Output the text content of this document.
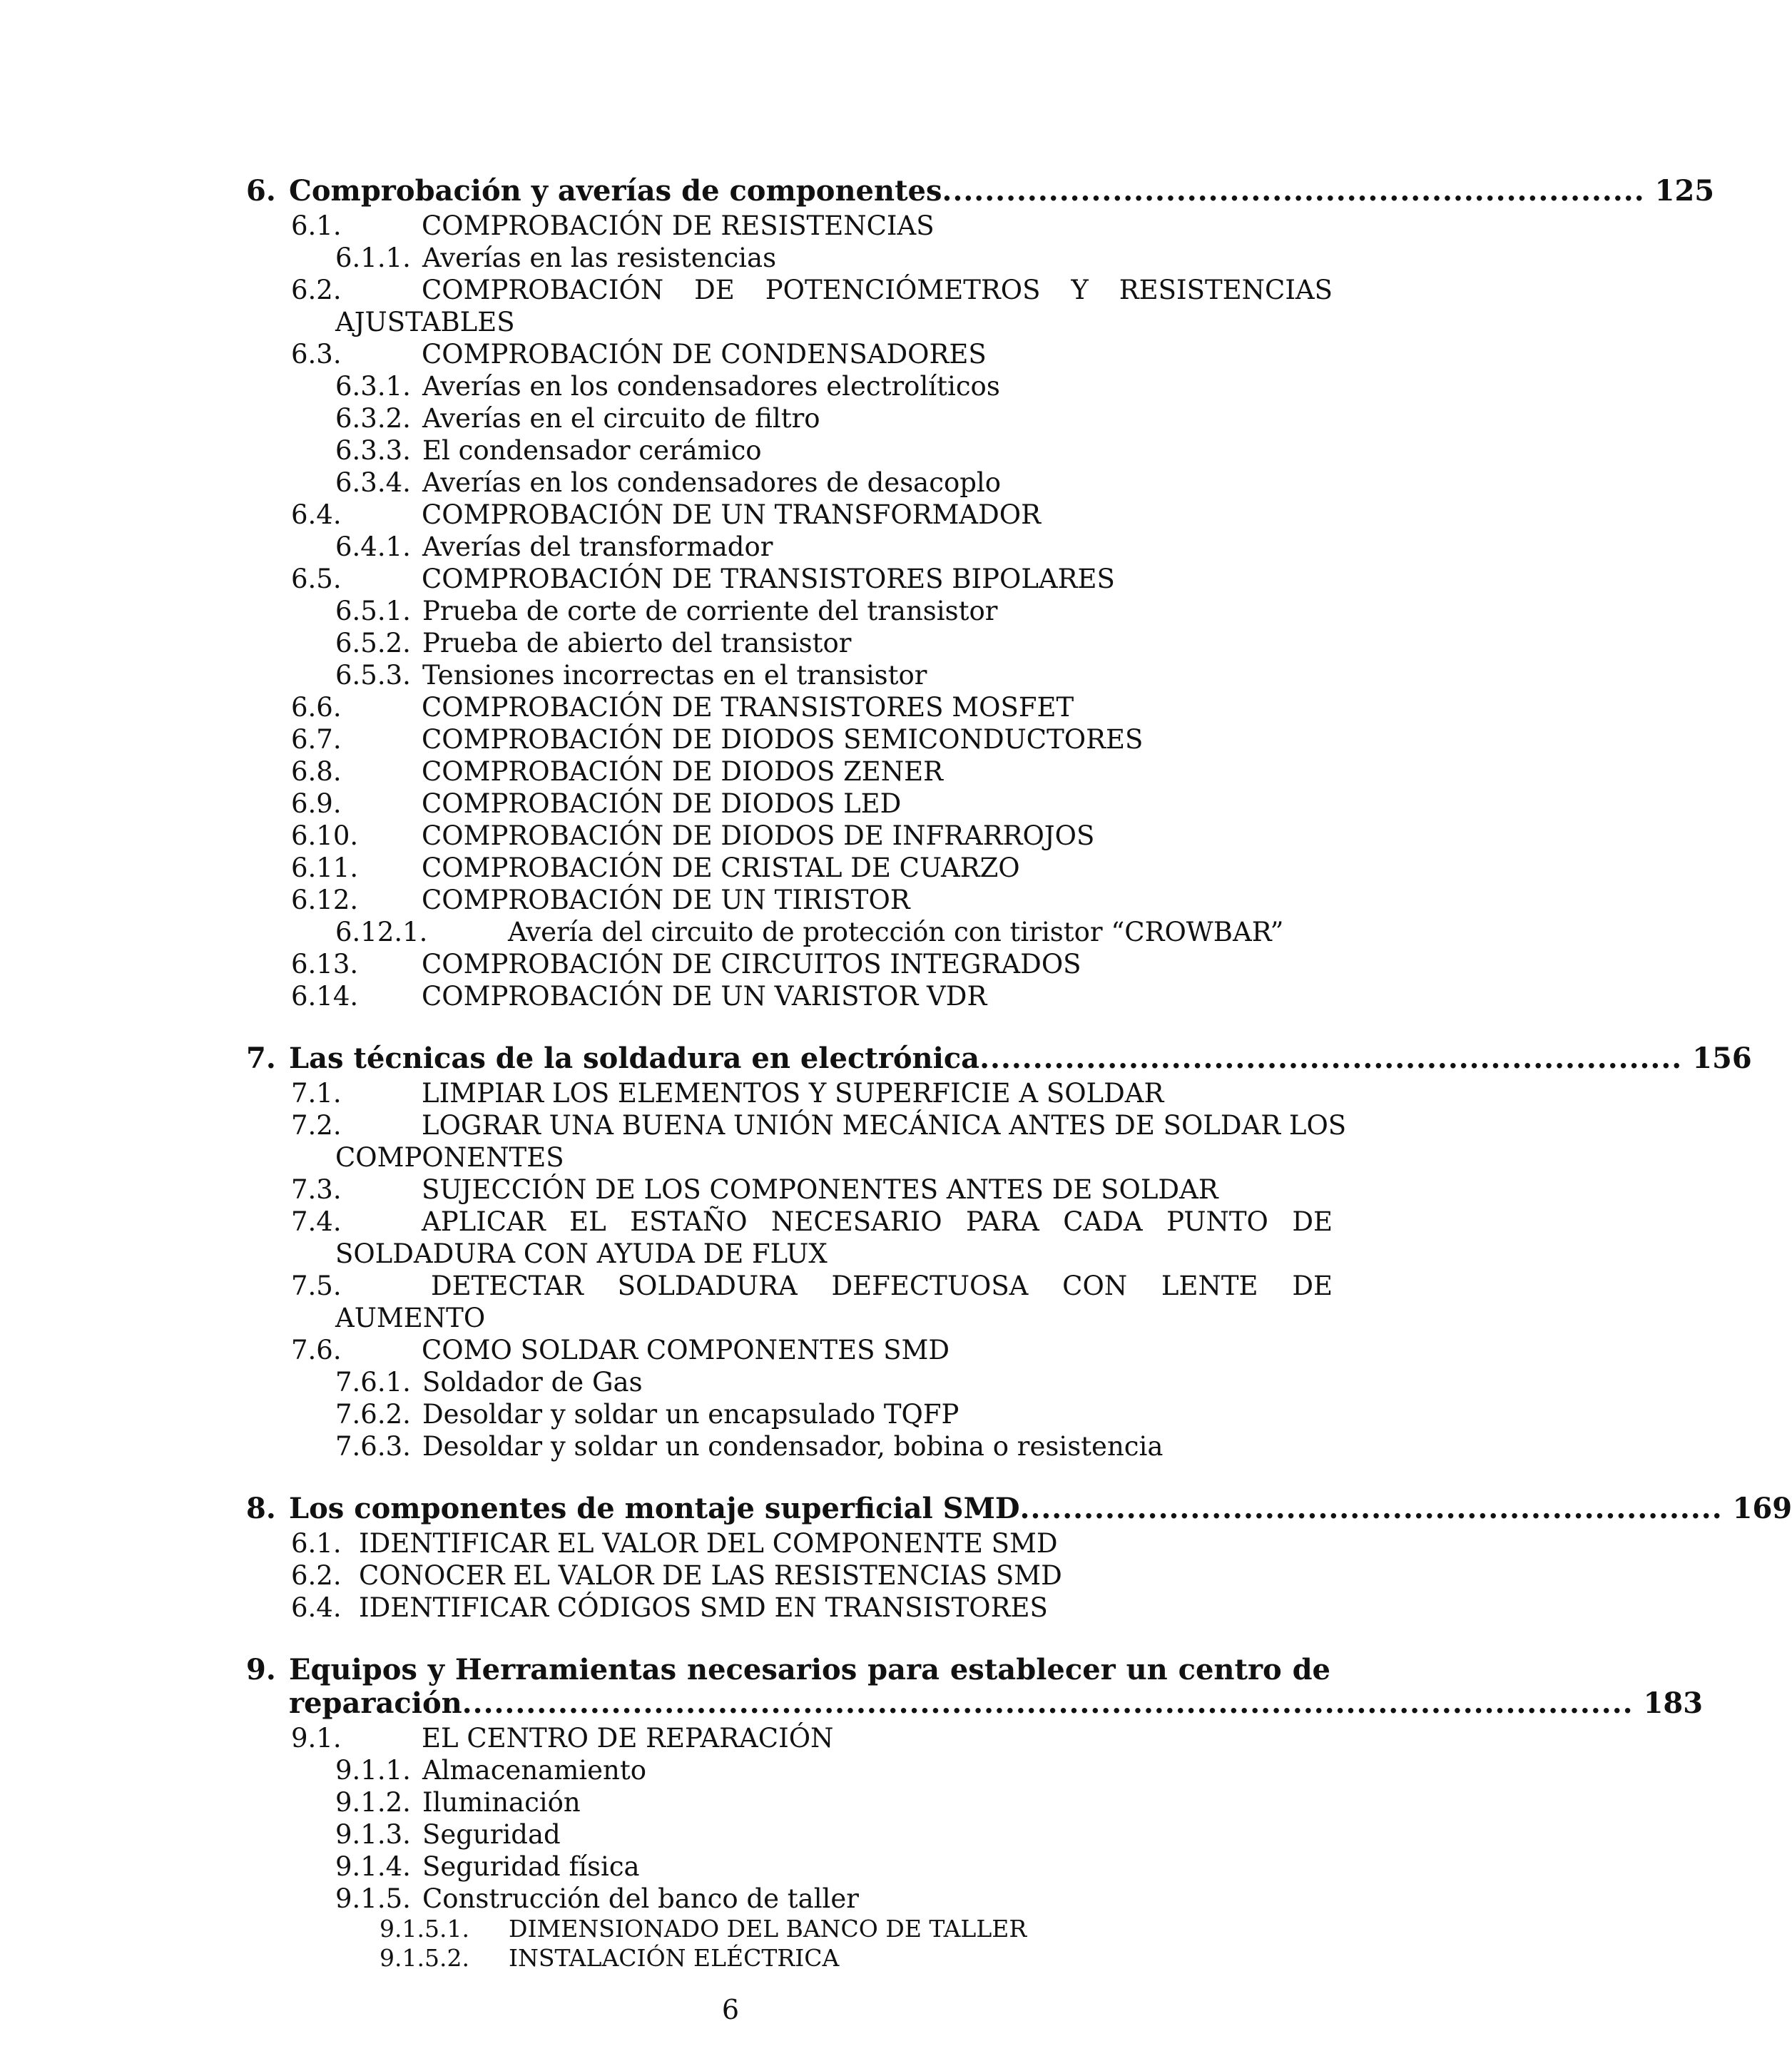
6. Comprobación y averías de componentes .................................................................. 125
6.1.	COMPROBACIÓN DE RESISTENCIAS
6.1.1. Averías en las resistencias
6.2.	COMPROBACIÓN DE POTENCIÓMETROS Y RESISTENCIAS
AJUSTABLES
6.3.	COMPROBACIÓN DE CONDENSADORES
6.3.1. Averías en los condensadores electrolíticos
6.3.2. Averías en el circuito de filtro
6.3.3. El condensador cerámico
6.3.4. Averías en los condensadores de desacoplo
6.4.	COMPROBACIÓN DE UN TRANSFORMADOR
6.4.1. Averías del transformador
6.5.	COMPROBACIÓN DE TRANSISTORES BIPOLARES
6.5.1. Prueba de corte de corriente del transistor
6.5.2. Prueba de abierto del transistor
6.5.3. Tensiones incorrectas en el transistor
6.6.	COMPROBACIÓN DE TRANSISTORES MOSFET
6.7.	COMPROBACIÓN DE DIODOS SEMICONDUCTORES
6.8.	COMPROBACIÓN DE DIODOS ZENER
6.9.	COMPROBACIÓN DE DIODOS LED
6.10. COMPROBACIÓN DE DIODOS DE INFRARROJOS
6.11. COMPROBACIÓN DE CRISTAL DE CUARZO
6.12. COMPROBACIÓN DE UN TIRISTOR
6.12.1.	Avería del circuito de protección con tiristor “CROWBAR”
6.13. COMPROBACIÓN DE CIRCUITOS INTEGRADOS
6.14. COMPROBACIÓN DE UN VARISTOR VDR
7. Las técnicas de la soldadura en electrónica .................................................................. 156
7.1.	LIMPIAR LOS ELEMENTOS Y SUPERFICIE A SOLDAR
7.2.	LOGRAR UNA BUENA UNIÓN MECÁNICA ANTES DE SOLDAR LOS
COMPONENTES
7.3.	SUJECCIÓN DE LOS COMPONENTES ANTES DE SOLDAR
7.4.	APLICAR EL ESTAÑO NECESARIO PARA CADA PUNTO DE
SOLDADURA CON AYUDA DE FLUX
7.5.	DETECTAR SOLDADURA DEFECTUOSA CON LENTE DE
AUMENTO
7.6.	COMO SOLDAR COMPONENTES SMD
7.6.1. Soldador de Gas
7.6.2. Desoldar y soldar un encapsulado TQFP
7.6.3. Desoldar y soldar un condensador, bobina o resistencia
8. Los componentes de montaje superficial SMD .................................................................. 169
6.1. IDENTIFICAR EL VALOR DEL COMPONENTE SMD
6.2. CONOCER EL VALOR DE LAS RESISTENCIAS SMD
6.4. IDENTIFICAR CÓDIGOS SMD EN TRANSISTORES
9. Equipos y Herramientas necesarios para establecer un centro de
reparación .............................................................................................................. 183
9.1.	EL CENTRO DE REPARACIÓN
9.1.1. Almacenamiento
9.1.2. Iluminación
9.1.3. Seguridad
9.1.4. Seguridad física
9.1.5. Construcción del banco de taller
9.1.5.1. DIMENSIONADO DEL BANCO DE TALLER
9.1.5.2. INSTALACIÓN ELÉCTRICA
6
